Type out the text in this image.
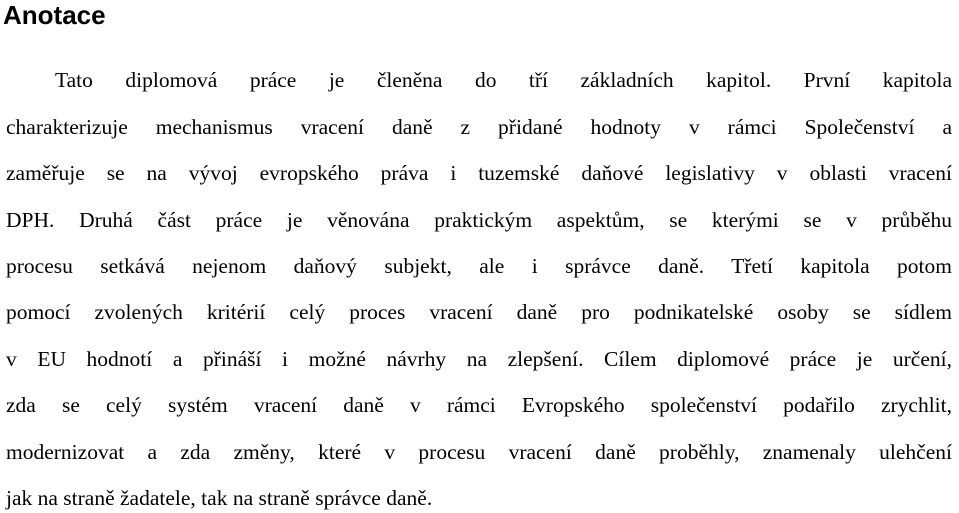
Anotace
Tato diplomová práce je členěna do tří základních kapitol. První kapitola
charakterizuje mechanismus vracení daně z přidané hodnoty v rámci Společenství a
zaměřuje se na vývoj evropského práva i tuzemské daňové legislativy v oblasti vracení
DPH. Druhá část práce je věnována praktickým aspektům, se kterými se v průběhu
procesu setkává nejenom daňový subjekt, ale i správce daně. Třetí kapitola potom
pomocí zvolených kritérií celý proces vracení daně pro podnikatelské osoby se sídlem
v EU hodnotí a přináší i možné návrhy na zlepšení. Cílem diplomové práce je určení,
zda se celý systém vracení daně v rámci Evropského společenství podařilo zrychlit,
modernizovat a zda změny, které v procesu vracení daně proběhly, znamenaly ulehčení
jak na straně žadatele, tak na straně správce daně.
